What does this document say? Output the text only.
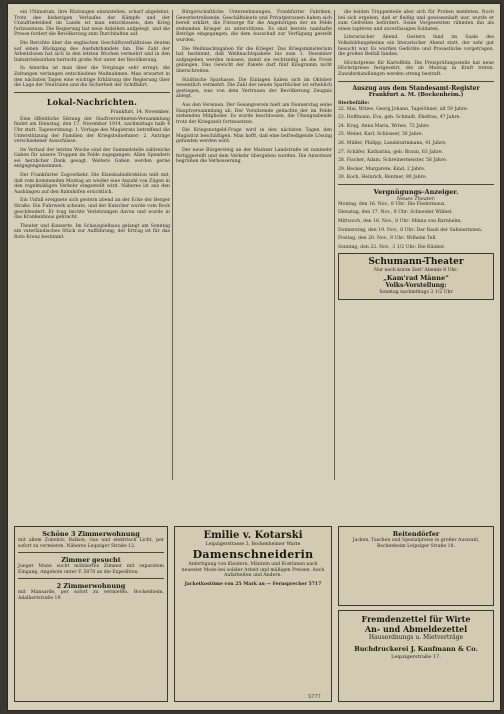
ein Ultimatum, ihre Rüstungen einzustellen, scharf abgelehnt. Trotz des bisherigen Verlaufes der Kämpfe und der Unzufriedenheit im Lande ist man entschlossen, den Krieg fortzusetzen. Die Regierung hat neue Anleihen aufgelegt, und die Presse fordert die Bevölkerung zum Durchhalten auf.

Die Berichte über die englischen Geschäftsverhältnisse deuten auf einen Rückgang des Ausfuhrhandels hin. Die Zahl der Arbeitslosen hat sich in den letzten Wochen vermehrt und in den Industriebezirken herrscht große Not unter der Bevölkerung.

In Amerika ist man über die Vorgänge sehr erregt; die Zeitungen verlangen entschiedene Maßnahmen. Man erwartet in den nächsten Tagen eine wichtige Erklärung der Regierung über die Lage der Neutralen und die Sicherheit der Schiffahrt.

Lokal-Nachrichten.
Frankfurt, 14. November.

Eine öffentliche Sitzung der Stadtverordneten-Versammlung findet am Dienstag, den 17. November 1914, nachmittags halb 4 Uhr statt. Tagesordnung: 1. Vorlage des Magistrats betreffend die Unterstützung der Familien der Kriegsteilnehmer; 2. Anträge verschiedener Ausschüsse.

Im Verlauf der letzten Woche sind der Sammelstelle zahlreiche Gaben für unsere Truppen im Felde zugegangen. Allen Spendern sei herzlicher Dank gesagt. Weitere Gaben werden gerne entgegengenommen.

Der Frankfurter Zugverkehr. Die Eisenbahndirektion teilt mit, daß vom kommenden Montag an wieder eine Anzahl von Zügen in den regelmäßigen Verkehr eingestellt wird. Näheres ist aus den Aushängen auf den Bahnhöfen ersichtlich.

Ein Unfall ereignete sich gestern abend an der Ecke der Berger Straße. Ein Fuhrwerk scheute, und der Kutscher wurde vom Bock geschleudert. Er trug leichte Verletzungen davon und wurde in das Krankenhaus gebracht.

Theater und Konzerte. Im Schauspielhaus gelangt am Sonntag ein vaterländisches Stück zur Aufführung; der Ertrag ist für das Rote Kreuz bestimmt.

Bürgerschaftliche Unternehmungen, Frankfurter Fabriken, Gewerbetreibende, Geschäftsleute und Privatpersonen haben sich bereit erklärt, die Fürsorge für die Angehörigen der im Felde stehenden Krieger zu unterstützen. Es sind bereits namhafte Beträge eingegangen, die dem Ausschuß zur Verfügung gestellt wurden.

Die Weihnachtsgaben für die Krieger. Das Kriegsministerium hat bestimmt, daß Weihnachtspakete bis zum 1. Dezember aufgegeben werden müssen, damit sie rechtzeitig an die Front gelangen. Das Gewicht der Pakete darf fünf Kilogramm nicht überschreiten.

Städtische Sparkasse. Die Einlagen haben sich im Oktober wesentlich vermehrt. Die Zahl der neuen Sparbücher ist erheblich gestiegen, was von dem Vertrauen der Bevölkerung Zeugnis ablegt.

Aus den Vereinen. Der Gesangverein hielt am Donnerstag seine Hauptversammlung ab. Der Vorsitzende gedachte der im Felde stehenden Mitglieder. Es wurde beschlossen, die Übungsabende trotz der Kriegszeit fortzusetzen.

Die Kriegsnotgeld-Frage wird in den nächsten Tagen den Magistrat beschäftigen. Man hofft, daß eine befriedigende Lösung gefunden werden wird.

Der neue Bürgersteig an der Mainzer Landstraße ist nunmehr fertiggestellt und dem Verkehr übergeben worden. Die Anwohner begrüßen die Verbesserung.

die beiden Truppenteile aber sich für Proben meldeten. Noch bei sich ergeben, daß er fleißig und gewissenhaft war, wurde er zum Gefreiten befördert. Seine Vorgesetzten rühmten ihn als einen tapferen und zuverlässigen Soldaten.

Literarischer Abend. Gestern fand im Saale des Volksbildungsheims ein literarischer Abend statt, der sehr gut besucht war. Es wurden Gedichte und Prosastücke vorgetragen, die großen Beifall fanden.

Höchstpreise für Kartoffeln. Die Preisprüfungsstelle hat neue Höchstpreise festgesetzt, die ab Montag in Kraft treten. Zuwiderhandlungen werden streng bestraft.

Auszug aus dem Standesamt-Register
Frankfurt a. M. (Bockenheim.)
Sterbefälle:

22. Mai, Witwe, Georg Johann, Tagelöhner, alt 59 Jahre.

23. Hoffmann, Eva, geb. Schmidt, Ehefrau, 47 Jahre.

24. Krug, Anna Maria, Witwe, 72 Jahre.

25. Weber, Karl, Schlosser, 36 Jahre.

26. Müller, Philipp, Landsturmmann, 41 Jahre.

27. Schäfer, Katharina, geb. Braun, 63 Jahre.

28. Fischer, Adam, Schreinermeister, 58 Jahre.

29. Becker, Margarete, Kind, 2 Jahre.

30. Koch, Heinrich, Rentner, 80 Jahre.

Vergnügungs-Anzeiger.
Neues Theater.

Montag, den 16. Nov., 8 Uhr: Die Fledermaus.

Dienstag, den 17. Nov., 8 Uhr: Schneider Wibbel.

Mittwoch, den 18. Nov., 8 Uhr: Minna von Barnhelm.

Donnerstag, den 19. Nov., 8 Uhr: Der Raub der Sabinerinnen.

Freitag, den 20. Nov., 8 Uhr: Wilhelm Tell.

Sonntag, den 22. Nov., 3 1/2 Uhr: Die Räuber.

Schumann-Theater
Nur noch kurze Zeit! Abends 8 Uhr:
„Kam'rad Männe“
Volks-Vorstellung:
Sonntag nachmittags 3 1/2 Uhr
Schöne 3 Zimmerwohnung

mit allem Zubehör, Balkon, Gas und elektrisch Licht, per sofort zu vermieten. Näheres Leipziger Straße 12.

Zimmer gesucht

Junger Mann sucht möbliertes Zimmer mit separatem Eingang. Angebote unter F. 5878 an die Expedition.

2 Zimmerwohnung

mit Mansarde, per sofort zu vermieten. Bockenheim, Adalbertstraße 19.

Emilie v. Kotarski
Leipzigerstrasse 3, Bockenheimer Warte
Damenschneiderin

Anfertigung von Kleidern, Mänteln und Kostümen nach neuester Mode bei solider Arbeit und mäßigen Preisen. Auch Aufarbeiten und Ändern.

Jacketkostüme von 25 Mark an — Fernsprecher 5717

Reitendörfer

Jacken, Taschen und Spezialpreise in großer Auswahl, Bockenheim Leipziger Straße 18.

Fremdenzettel für Wirte
An- und Abmeldezettel
Hauserdnungs u. Mietverträge
Buchdruckerei J. Kaufmann & Co.
Leipzigerstraße 17.
5777
